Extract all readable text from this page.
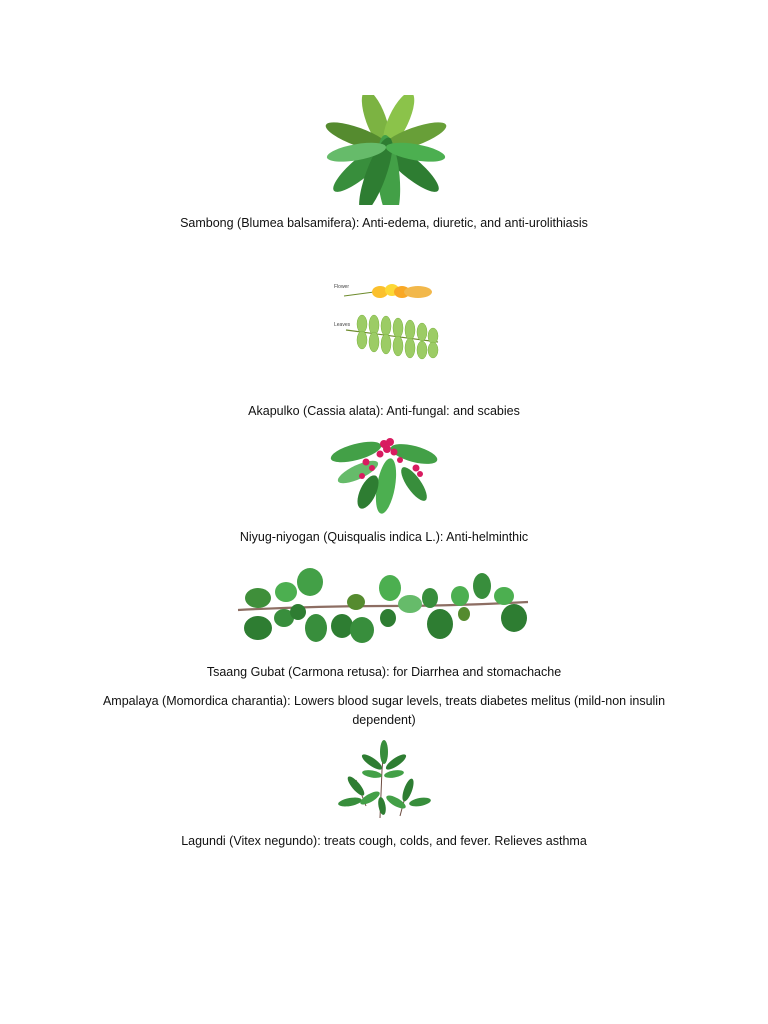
Sambong (Blumea balsamifera): Anti-edema, diuretic, and anti-urolithiasis

Flower
Leaves

Akapulko (Cassia alata): Anti-fungal: and scabies

Niyug-niyogan (Quisqualis indica L.): Anti-helminthic

Tsaang Gubat (Carmona retusa): for Diarrhea and stomachache

Ampalaya (Momordica charantia): Lowers blood sugar levels, treats diabetes melitus (mild-non insulin dependent)

Lagundi (Vitex negundo): treats cough, colds, and fever. Relieves asthma
